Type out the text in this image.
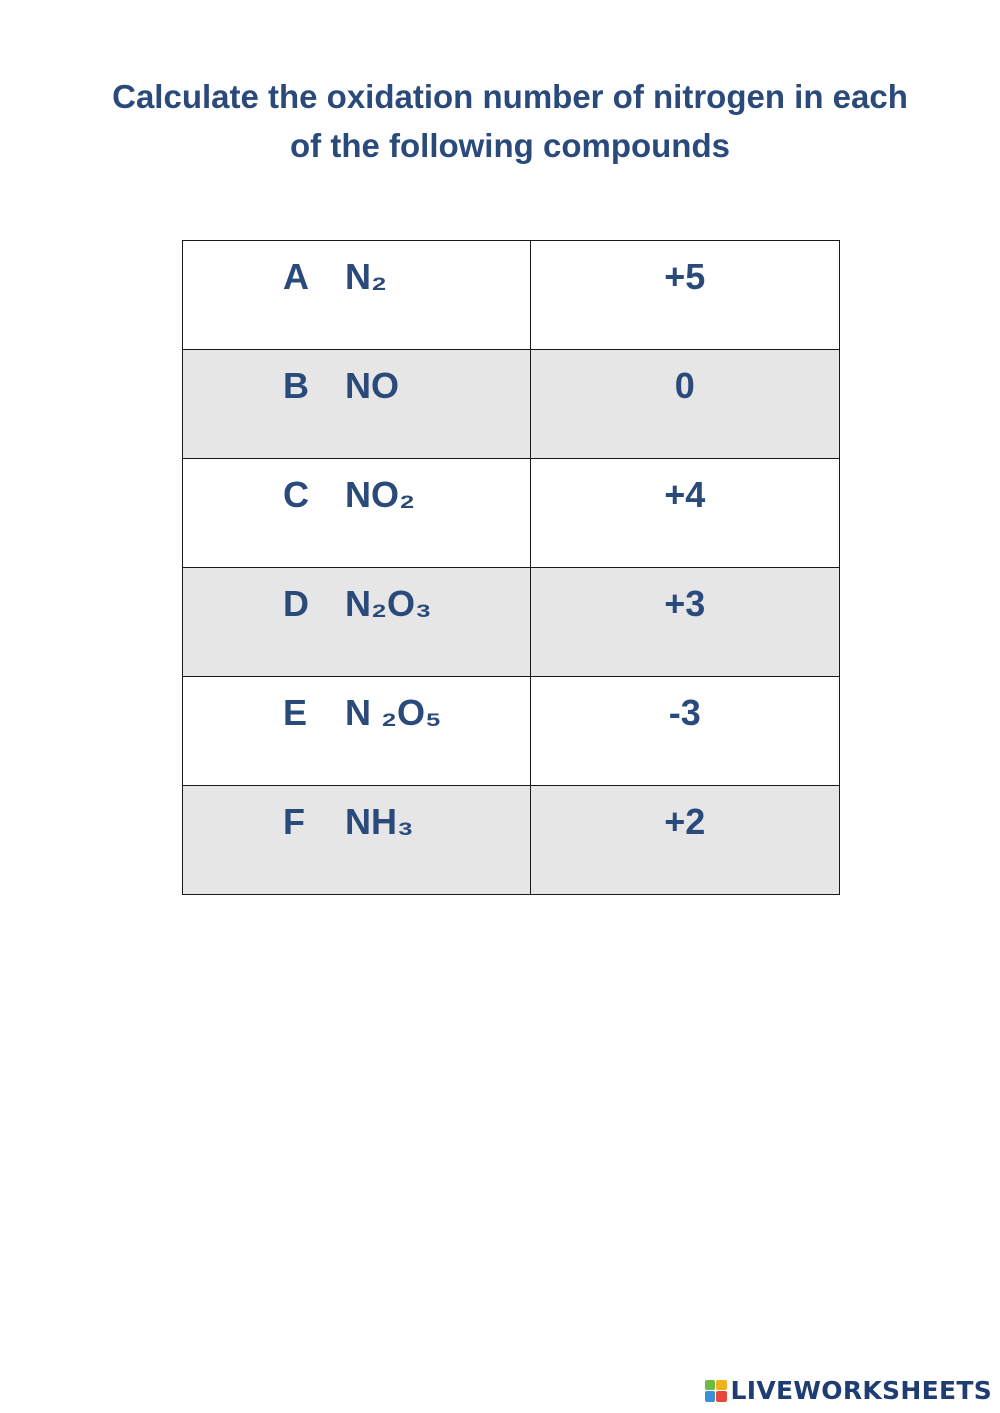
Calculate the oxidation number of nitrogen in each
of the following compounds
A N₂	+5

B NO	0

C NO₂	+4

D N₂O₃	+3

E N ₂O₅	-3

F NH₃	+2
LIVEWORKSHEETS
